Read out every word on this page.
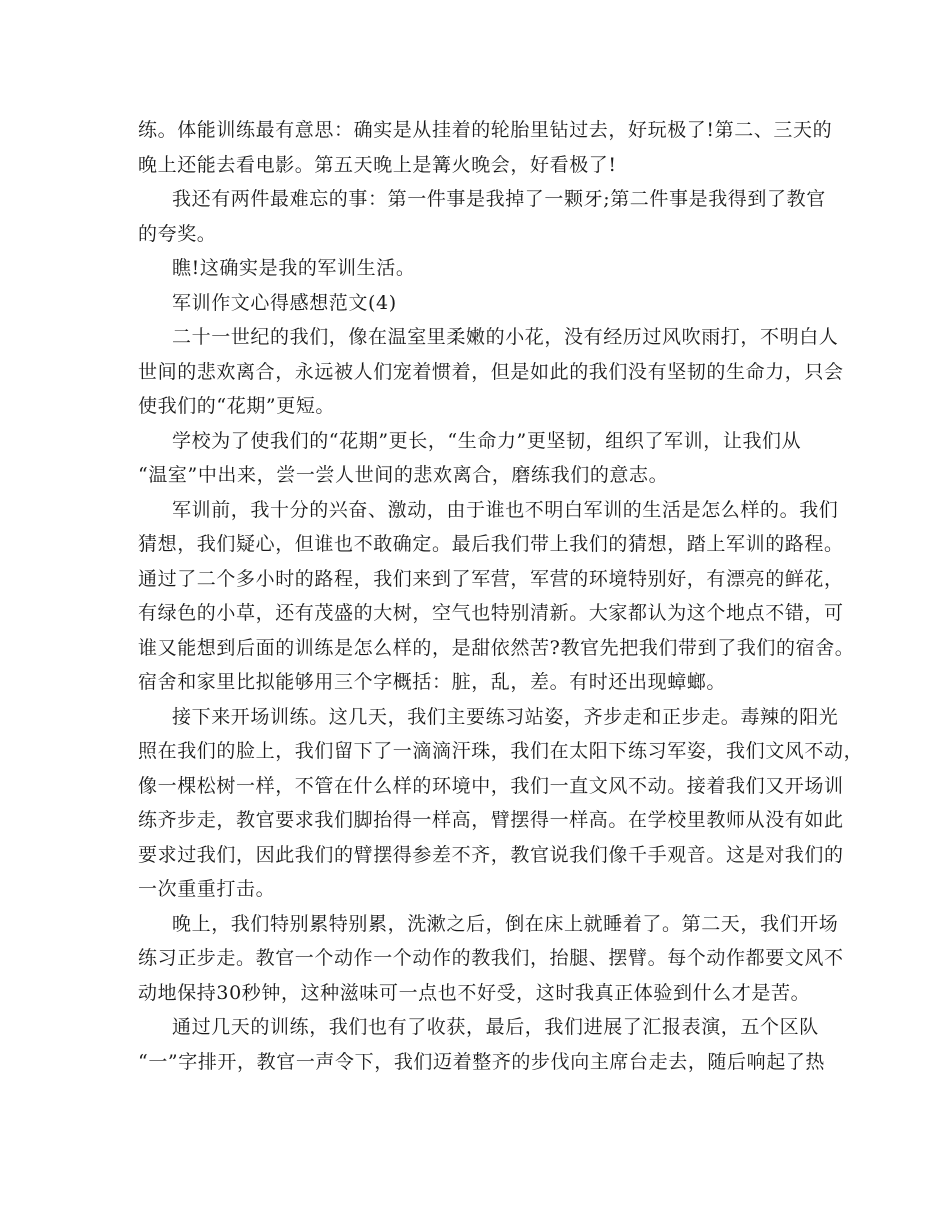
练。体能训练最有意思：确实是从挂着的轮胎里钻过去，好玩极了!第二、三天的
晚上还能去看电影。第五天晚上是篝火晚会，好看极了!
我还有两件最难忘的事：第一件事是我掉了一颗牙;第二件事是我得到了教官
的夸奖。
瞧!这确实是我的军训生活。
军训作文心得感想范文(4)
二十一世纪的我们，像在温室里柔嫩的小花，没有经历过风吹雨打，不明白人
世间的悲欢离合，永远被人们宠着惯着，但是如此的我们没有坚韧的生命力，只会
使我们的“花期”更短。
学校为了使我们的“花期”更长，“生命力”更坚韧，组织了军训，让我们从
“温室”中出来，尝一尝人世间的悲欢离合，磨练我们的意志。
军训前，我十分的兴奋、激动，由于谁也不明白军训的生活是怎么样的。我们
猜想，我们疑心，但谁也不敢确定。最后我们带上我们的猜想，踏上军训的路程。
通过了二个多小时的路程，我们来到了军营，军营的环境特别好，有漂亮的鲜花，
有绿色的小草，还有茂盛的大树，空气也特别清新。大家都认为这个地点不错，可
谁又能想到后面的训练是怎么样的，是甜依然苦?教官先把我们带到了我们的宿舍。
宿舍和家里比拟能够用三个字概括：脏，乱，差。有时还出现蟑螂。
接下来开场训练。这几天，我们主要练习站姿，齐步走和正步走。毒辣的阳光
照在我们的脸上，我们留下了一滴滴汗珠，我们在太阳下练习军姿，我们文风不动，
像一棵松树一样，不管在什么样的环境中，我们一直文风不动。接着我们又开场训
练齐步走，教官要求我们脚抬得一样高，臂摆得一样高。在学校里教师从没有如此
要求过我们，因此我们的臂摆得参差不齐，教官说我们像千手观音。这是对我们的
一次重重打击。
晚上，我们特别累特别累，洗漱之后，倒在床上就睡着了。第二天，我们开场
练习正步走。教官一个动作一个动作的教我们，抬腿、摆臂。每个动作都要文风不
动地保持30秒钟，这种滋味可一点也不好受，这时我真正体验到什么才是苦。
通过几天的训练，我们也有了收获，最后，我们进展了汇报表演，五个区队
“一”字排开，教官一声令下，我们迈着整齐的步伐向主席台走去，随后响起了热
